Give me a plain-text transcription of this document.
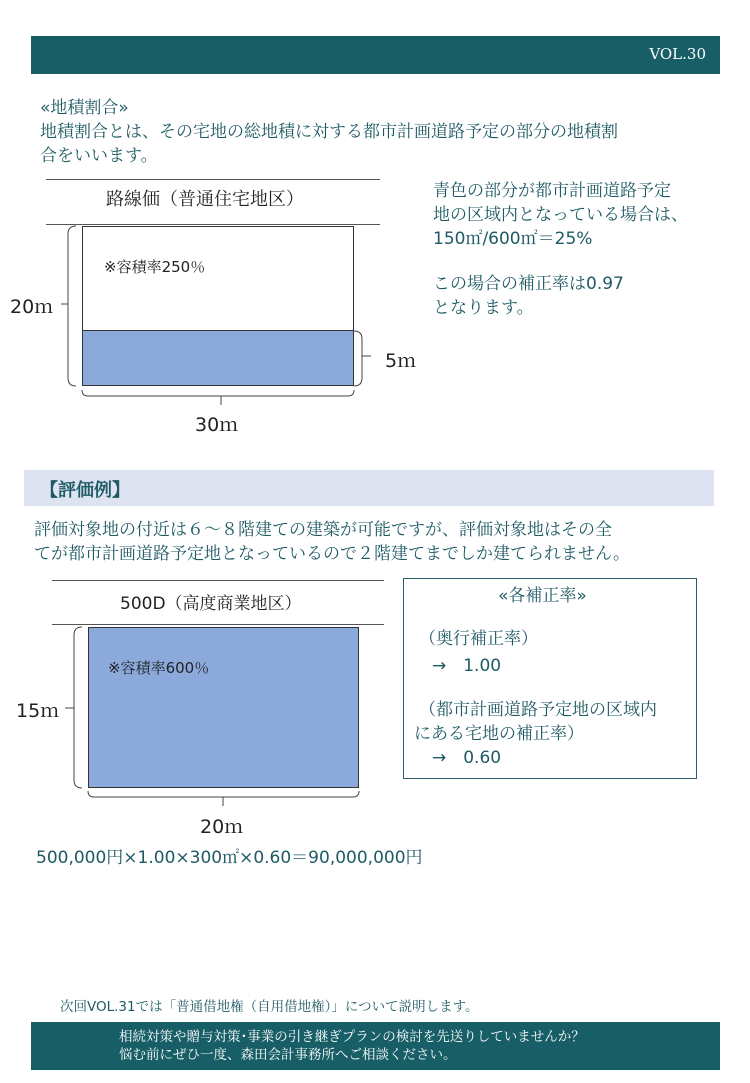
VOL.30
«地積割合»
地積割合とは、その宅地の総地積に対する都市計画道路予定の部分の地積割
合をいいます。
路線価（普通住宅地区）
※容積率250％
20ｍ
5ｍ
30ｍ
青色の部分が都市計画道路予定
地の区域内となっている場合は、
150㎡/600㎡＝25%
この場合の補正率は0.97
となります。
【評価例】
評価対象地の付近は６～８階建ての建築が可能ですが、評価対象地はその全
てが都市計画道路予定地となっているので２階建てまでしか建てられません。
500D（高度商業地区）
※容積率600％
15ｍ
20ｍ
«各補正率»
（奥行補正率）
→　1.00
（都市計画道路予定地の区域内
にある宅地の補正率）
→　0.60
500,000円×1.00×300㎡×0.60＝90,000,000円
次回VOL.31では「普通借地権（自用借地権）」について説明します。
相続対策や贈与対策･事業の引き継ぎプランの検討を先送りしていませんか？
悩む前にぜひ一度、森田会計事務所へご相談ください。
